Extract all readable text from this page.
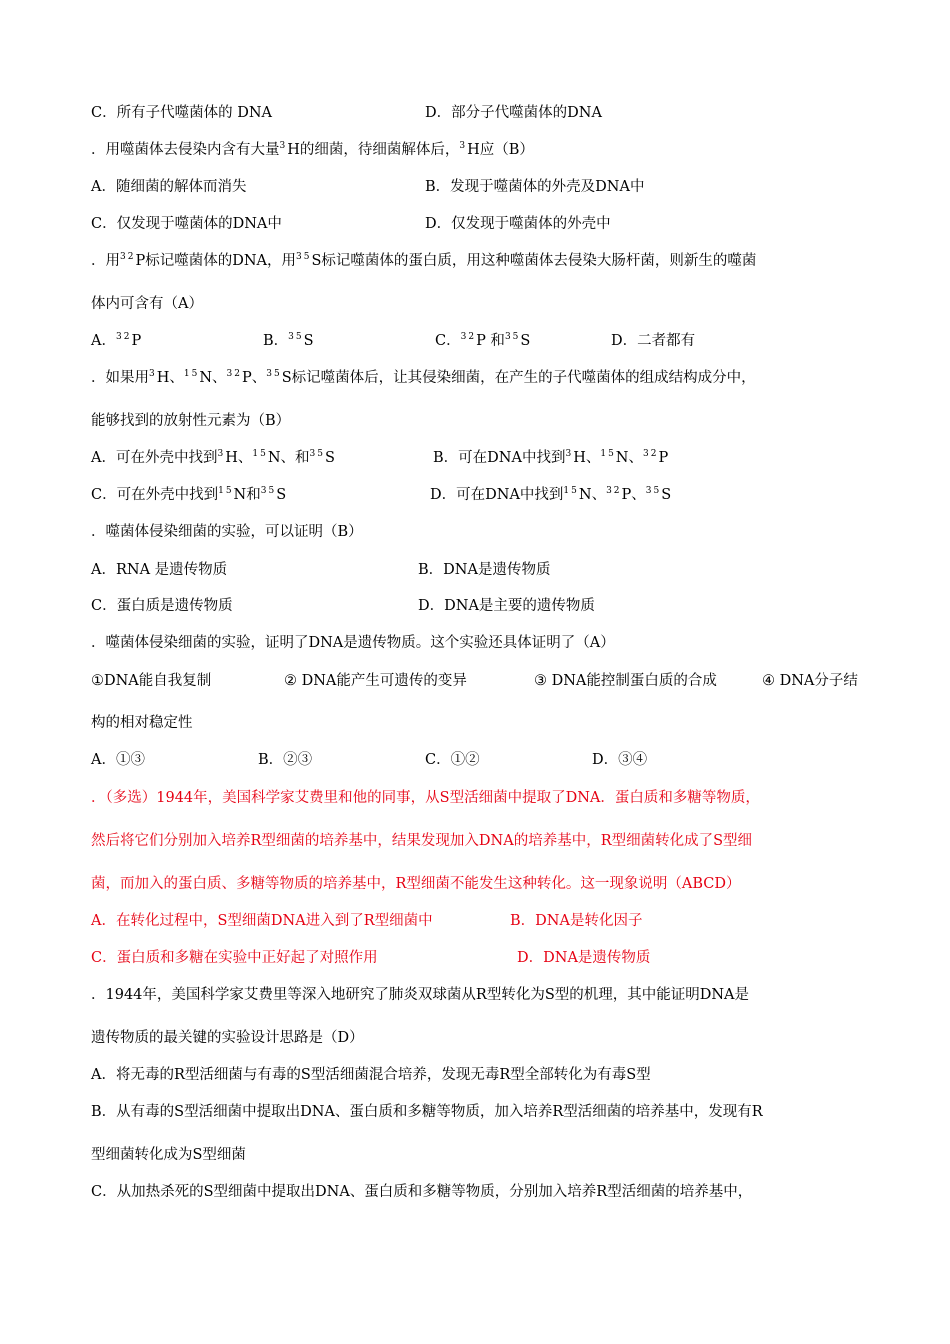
C．所有子代噬菌体的 DNA	D．部分子代噬菌体的DNA
．用噬菌体去侵染内含有大量$^3$H的细菌，待细菌解体后，$^3$H应（B）
A．随细菌的解体而消失	B．发现于噬菌体的外壳及DNA中
C．仅发现于噬菌体的DNA中	D．仅发现于噬菌体的外壳中
．用$^{32}$P标记噬菌体的DNA，用$^{35}$S标记噬菌体的蛋白质，用这种噬菌体去侵染大肠杆菌，则新生的噬菌
体内可含有（A）
A．$^{32}$P	B．$^{35}$S	C．$^{32}$P 和$^{35}$S	D．二者都有
．如果用$^3$H、$^{15}$N、$^{32}$P、$^{35}$S标记噬菌体后，让其侵染细菌，在产生的子代噬菌体的组成结构成分中，
能够找到的放射性元素为（B）
A．可在外壳中找到$^3$H、$^{15}$N、和$^{35}$S	B．可在DNA中找到$^3$H、$^{15}$N、$^{32}$P
C．可在外壳中找到$^{15}$N和$^{35}$S	D．可在DNA中找到$^{15}$N、$^{32}$P、$^{35}$S
．噬菌体侵染细菌的实验，可以证明（B）
A．RNA 是遗传物质	B．DNA是遗传物质
C．蛋白质是遗传物质	D．DNA是主要的遗传物质
．噬菌体侵染细菌的实验，证明了DNA是遗传物质。这个实验还具体证明了（A）
①DNA能自我复制	② DNA能产生可遗传的变异	③ DNA能控制蛋白质的合成	④ DNA分子结
构的相对稳定性
A．①③	B．②③	C．①②	D．③④
．（多选）1944年，美国科学家艾费里和他的同事，从S型活细菌中提取了DNA．蛋白质和多糖等物质，
然后将它们分别加入培养R型细菌的培养基中，结果发现加入DNA的培养基中，R型细菌转化成了S型细
菌，而加入的蛋白质、多糖等物质的培养基中，R型细菌不能发生这种转化。这一现象说明（ABCD）
A．在转化过程中，S型细菌DNA进入到了R型细菌中	B．DNA是转化因子
C．蛋白质和多糖在实验中正好起了对照作用	D．DNA是遗传物质
．1944年，美国科学家艾费里等深入地研究了肺炎双球菌从R型转化为S型的机理，其中能证明DNA是
遗传物质的最关键的实验设计思路是（D）
A．将无毒的R型活细菌与有毒的S型活细菌混合培养，发现无毒R型全部转化为有毒S型
B．从有毒的S型活细菌中提取出DNA、蛋白质和多糖等物质，加入培养R型活细菌的培养基中，发现有R
型细菌转化成为S型细菌
C．从加热杀死的S型细菌中提取出DNA、蛋白质和多糖等物质，分别加入培养R型活细菌的培养基中，
